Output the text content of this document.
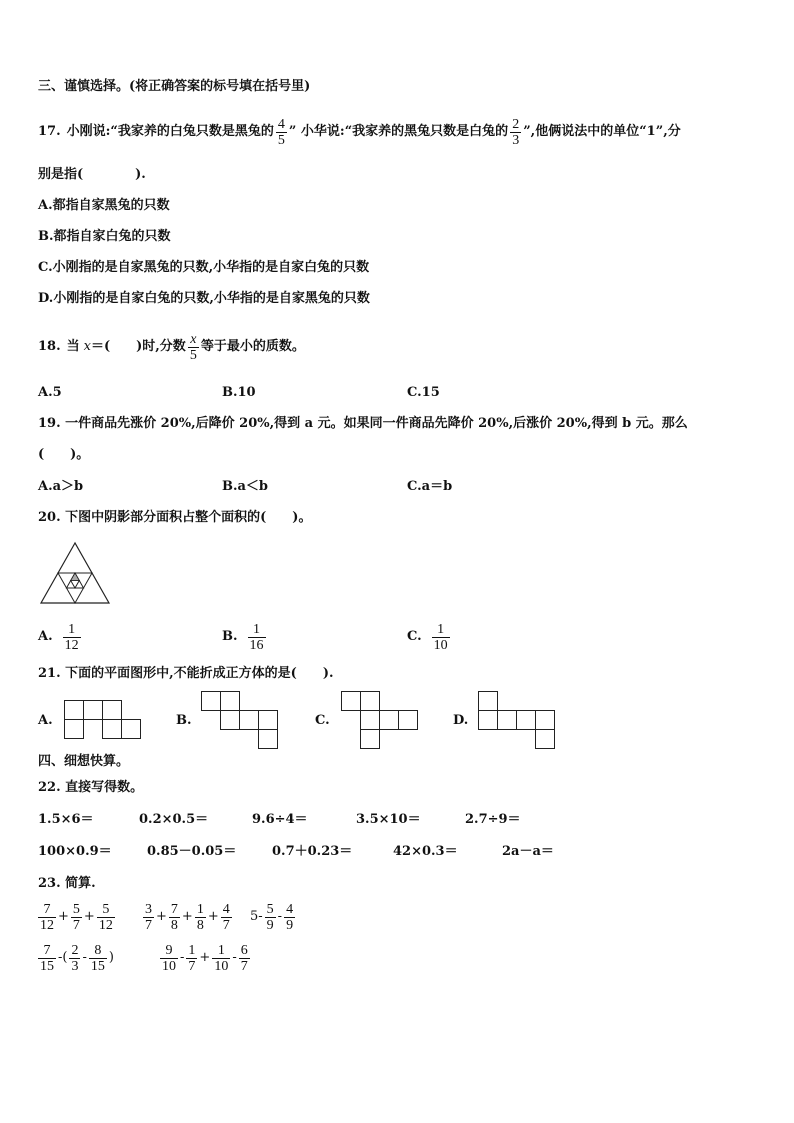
三、谨慎选择。(将正确答案的标号填在括号里)
17. 小刚说:“我家养的白兔只数是黑兔的 $\frac{4}{5}$ ” 小华说:“我家养的黑兔只数是白兔的 $\frac{2}{3}$ ”,他俩说法中的单位“1”,分
别是指(　　　　).
A.都指自家黑兔的只数
B.都指自家白兔的只数
C.小刚指的是自家黑兔的只数,小华指的是自家白兔的只数
D.小刚指的是自家白兔的只数,小华指的是自家黑兔的只数
18. 当 x ＝(　　)时,分数 $\frac{x}{5}$ 等于最小的质数。
A.5	B.10	C.15
19. 一件商品先涨价 20%,后降价 20%,得到 a 元。如果同一件商品先降价 20%,后涨价 20%,得到 b 元。那么
(　　)。
A.a＞b	B.a＜b	C.a＝b
20. 下图中阴影部分面积占整个面积的(　　)。
A. $\frac{1}{12}$	B. $\frac{1}{16}$	C. $\frac{1}{10}$
21. 下面的平面图形中,不能折成正方体的是(　　).
A.	B.	C.	D.
四、细想快算。
22. 直接写得数。
1.5×6＝	0.2×0.5＝	9.6÷4＝	3.5×10＝	2.7÷9＝
100×0.9＝	0.85－0.05＝	0.7＋0.23＝	42×0.3＝	2a－a＝
23. 简算.
$\frac{7}{12} + \frac{5}{7} + \frac{5}{12} \frac{3}{7} + \frac{7}{8} + \frac{1}{8} + \frac{4}{7} 5- \frac{5}{9} - \frac{4}{9}$
$\frac{7}{15}$ -( $\frac{2}{3} - \frac{8}{15}$ )	$\frac{9}{10} - \frac{1}{7} + \frac{1}{10} - \frac{6}{7}$
